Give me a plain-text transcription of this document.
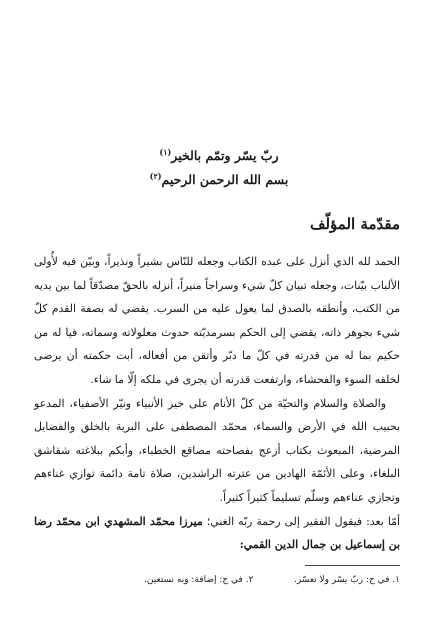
ربّ يسّر وتمّم بالخير$^{(١)}$
بسم الله الرحمن الرحيم$^{(٢)}$
مقدّمة المؤلّف

الحمد لله الذي أنزل على عبده الكتاب وجعله للنّاس بشيراً ونذيراً، وبيّن فيه لأُولى الألباب بيّنات، وجعله تبيان كلّ شيء وسراجاً منيراً، أنزله بالحقّ مصدّقاً لما بين يديه من الكتب، وأنطقه بالصدق لما يعول عليه من السرب. يقضي له بصفة القدم كلّ شيء بجوهر ذاته، يقضي إلى الحكم بسرمديّته حدوث معلولاته وسماته، فيا له من حكيم بما له من قدرته في كلّ ما دبّر وأتقن من أفعاله، أبت حكمته أن يرضى لخلقه السوء والفحشاء، وارتفعت قدرته أن يجرى في ملكه إلّا ما شاء.

والصلاة والسلام والتحيّة من كلّ الأنام على خير الأنبياء ونيّر الأصفياء، المدعو بحبيب الله في الأرض والسماء، محمّد المصطفى على البرية بالخلق والفضايل المرضية، المبعوث بكتاب أزعج بفصاحته مصاقع الخطباء، وأبكم ببلاغته شقاشق البلغاء، وعلى الأئمّة الهادين من عترته الراشدين، صلاة تامة دائمة توازي غناءهم وتجازي عناءهم وسلّم تسليماً كثيراً كثيراً.

أمّا بعد: فيقول الفقير إلى رحمة ربّه الغني؛ ميرزا محمّد المشهدي ابن محمّد رضا بن إسماعيل بن جمال الدين القمي:

١. في ج: ربّ يسّر ولا تعسّر.
٢. في ج: إضافة: وبه نستعين.
